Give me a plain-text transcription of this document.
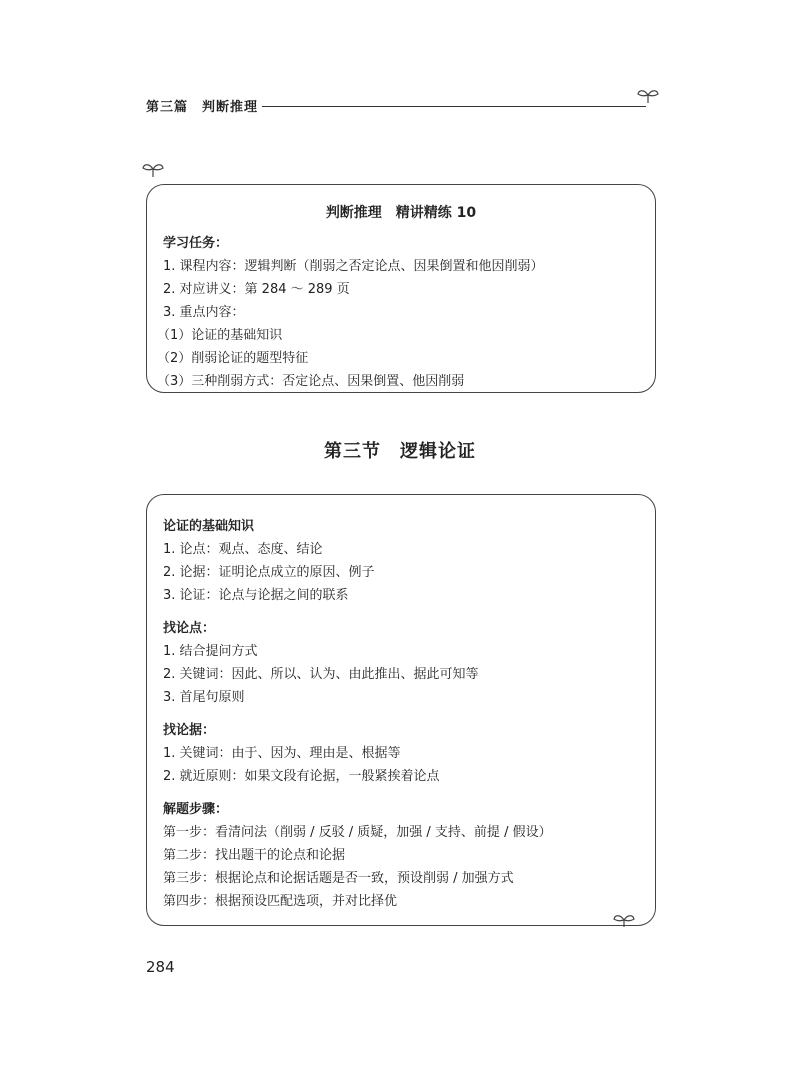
第三篇　判断推理
判断推理　精讲精练 10
学习任务：
1. 课程内容：逻辑判断（削弱之否定论点、因果倒置和他因削弱）
2. 对应讲义：第 284 ～ 289 页
3. 重点内容：
（1）论证的基础知识
（2）削弱论证的题型特征
（3）三种削弱方式：否定论点、因果倒置、他因削弱
第三节　逻辑论证
论证的基础知识
1. 论点：观点、态度、结论
2. 论据：证明论点成立的原因、例子
3. 论证：论点与论据之间的联系
找论点：
1. 结合提问方式
2. 关键词：因此、所以、认为、由此推出、据此可知等
3. 首尾句原则
找论据：
1. 关键词：由于、因为、理由是、根据等
2. 就近原则：如果文段有论据，一般紧挨着论点
解题步骤：
第一步：看清问法（削弱 / 反驳 / 质疑，加强 / 支持、前提 / 假设）
第二步：找出题干的论点和论据
第三步：根据论点和论据话题是否一致，预设削弱 / 加强方式
第四步：根据预设匹配选项，并对比择优
284
